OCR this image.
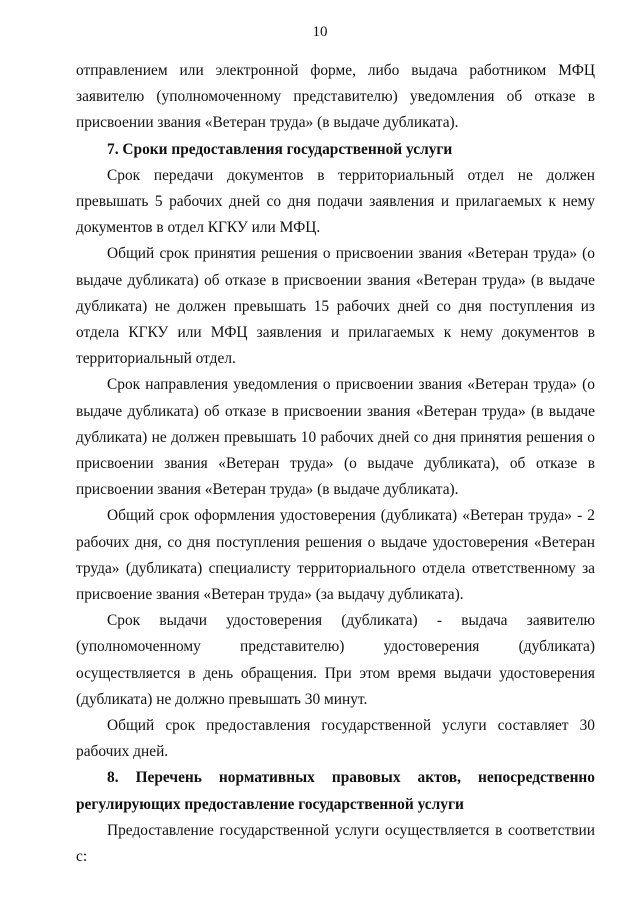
10

отправлением или электронной форме, либо выдача работником МФЦ заявителю (уполномоченному представителю) уведомления об отказе в присвоении звания «Ветеран труда» (в выдаче дубликата).

7. Сроки предоставления государственной услуги

Срок передачи документов в территориальный отдел не должен превышать 5 рабочих дней со дня подачи заявления и прилагаемых к нему документов в отдел КГКУ или МФЦ.

Общий срок принятия решения о присвоении звания «Ветеран труда» (о выдаче дубликата) об отказе в присвоении звания «Ветеран труда» (в выдаче дубликата) не должен превышать 15 рабочих дней со дня поступления из отдела КГКУ или МФЦ заявления и прилагаемых к нему документов в территориальный отдел.

Срок направления уведомления о присвоении звания «Ветеран труда» (о выдаче дубликата) об отказе в присвоении звания «Ветеран труда» (в выдаче дубликата) не должен превышать 10 рабочих дней со дня принятия решения о присвоении звания «Ветеран труда» (о выдаче дубликата), об отказе в присвоении звания «Ветеран труда» (в выдаче дубликата).

Общий срок оформления удостоверения (дубликата) «Ветеран труда» - 2 рабочих дня, со дня поступления решения о выдаче удостоверения «Ветеран труда» (дубликата) специалисту территориального отдела ответственному за присвоение звания «Ветеран труда» (за выдачу дубликата).

Срок выдачи удостоверения (дубликата) - выдача заявителю (уполномоченному представителю) удостоверения (дубликата) осуществляется в день обращения. При этом время выдачи удостоверения (дубликата) не должно превышать 30 минут.

Общий срок предоставления государственной услуги составляет 30 рабочих дней.

8. Перечень нормативных правовых актов, непосредственно регулирующих предоставление государственной услуги

Предоставление государственной услуги осуществляется в соответствии с:
